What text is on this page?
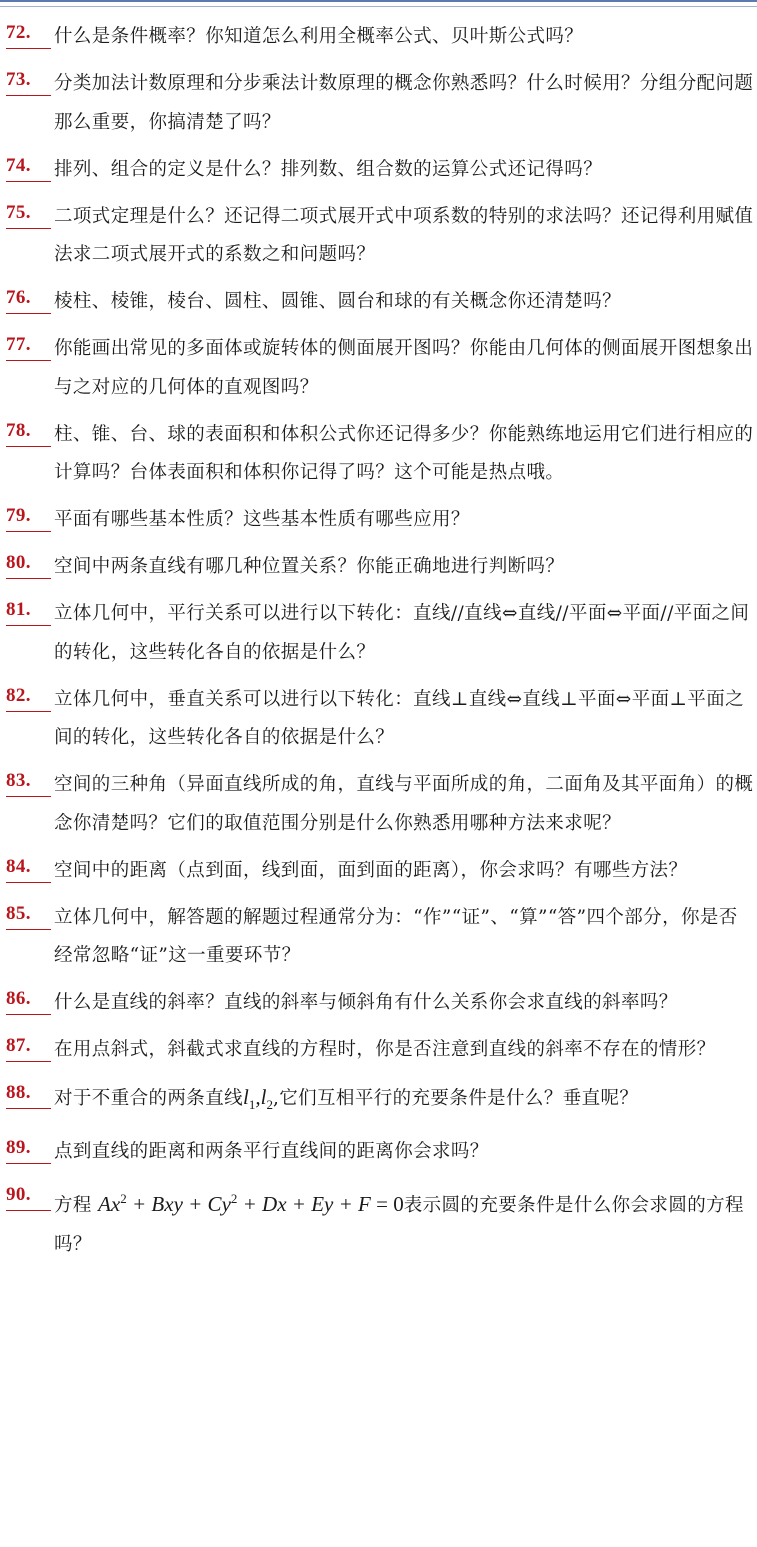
72.	什么是条件概率？你知道怎么利用全概率公式、贝叶斯公式吗？
73.	分类加法计数原理和分步乘法计数原理的概念你熟悉吗？什么时候用？分组分配问题那么重要，你搞清楚了吗？
74.	排列、组合的定义是什么？排列数、组合数的运算公式还记得吗？
75.	二项式定理是什么？还记得二项式展开式中项系数的特别的求法吗？还记得利用赋值法求二项式展开式的系数之和问题吗？
76.	棱柱、棱锥，棱台、圆柱、圆锥、圆台和球的有关概念你还清楚吗？
77.	你能画出常见的多面体或旋转体的侧面展开图吗？你能由几何体的侧面展开图想象出与之对应的几何体的直观图吗？
78.	柱、锥、台、球的表面积和体积公式你还记得多少？你能熟练地运用它们进行相应的计算吗？台体表面积和体积你记得了吗？这个可能是热点哦。
79.	平面有哪些基本性质？这些基本性质有哪些应用？
80.	空间中两条直线有哪几种位置关系？你能正确地进行判断吗？
81.	立体几何中，平行关系可以进行以下转化：直线//直线⇔直线//平面⇔平面//平面之间的转化，这些转化各自的依据是什么？
82.	立体几何中，垂直关系可以进行以下转化：直线⊥直线⇔直线⊥平面⇔平面⊥平面之间的转化，这些转化各自的依据是什么？
83.	空间的三种角（异面直线所成的角，直线与平面所成的角，二面角及其平面角）的概念你清楚吗？它们的取值范围分别是什么你熟悉用哪种方法来求呢？
84.	空间中的距离（点到面，线到面，面到面的距离），你会求吗？有哪些方法？
85.	立体几何中，解答题的解题过程通常分为：“作”“证”、“算”“答”四个部分，你是否经常忽略“证”这一重要环节？
86.	什么是直线的斜率？直线的斜率与倾斜角有什么关系你会求直线的斜率吗？
87.	在用点斜式，斜截式求直线的方程时，你是否注意到直线的斜率不存在的情形？
88.	对于不重合的两条直线$l_1,l_2$,它们互相平行的充要条件是什么？垂直呢？
89.	点到直线的距离和两条平行直线间的距离你会求吗？
90.
方程 $Ax^2$ + Bxy + $Cy^2 + Dx + Ey + F = 0$表示圆的充要条件是什么你会求圆的方程吗？
